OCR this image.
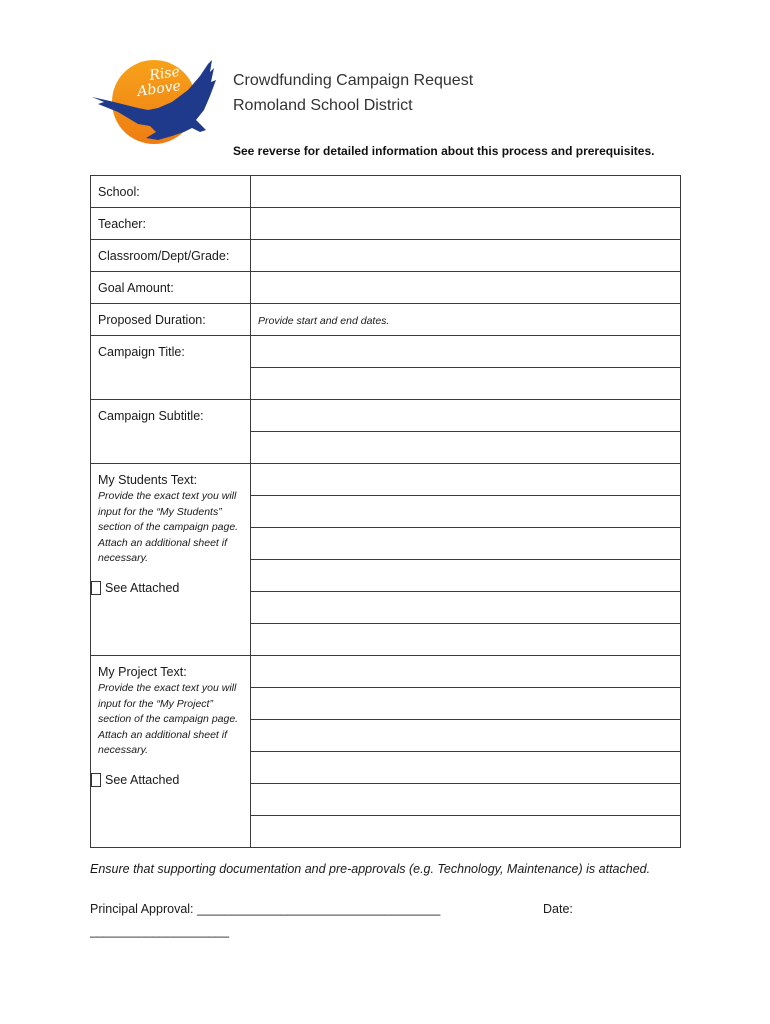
Rise
Above	Crowdfunding Campaign Request
Romoland School District
See reverse for detailed information about this process and prerequisites.
School:	

Teacher:	

Classroom/Dept/Grade:	

Goal Amount:	

Proposed Duration:	Provide start and end dates.

Campaign Title:	

Campaign Subtitle:	

My Students Text:
Provide the exact text you will input for the “My Students” section of the campaign page. Attach an additional sheet if necessary.
See Attached	

My Project Text:
Provide the exact text you will input for the “My Project” section of the campaign page. Attach an additional sheet if necessary.
See Attached	

Ensure that supporting documentation and pre-approvals (e.g. Technology, Maintenance) is attached.
Principal Approval: ___________________________________	Date:
____________________
